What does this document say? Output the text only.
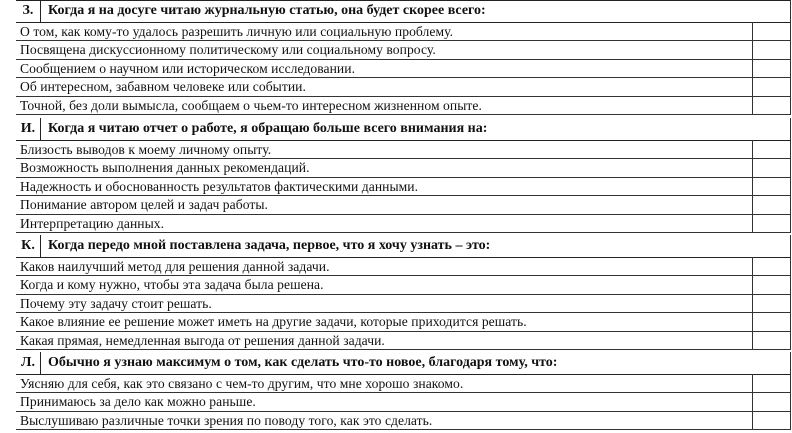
З.	Когда я на досуге читаю журнальную статью, она будет скорее всего:
О том, как кому-то удалось разрешить личную или социальную проблему.
Посвящена дискуссионному политическому или социальному вопросу.
Сообщением о научном или историческом исследовании.
Об интересном, забавном человеке или событии.
Точной, без доли вымысла, сообщаем о чьем-то интересном жизненном опыте.
И. Когда я читаю отчет о работе, я обращаю больше всего внимания на:
Близость выводов к моему личному опыту.
Возможность выполнения данных рекомендаций.
Надежность и обоснованность результатов фактическими данными.
Понимание автором целей и задач работы.
Интерпретацию данных.
К. Когда передо мной поставлена задача, первое, что я хочу узнать – это:
Каков наилучший метод для решения данной задачи.
Когда и кому нужно, чтобы эта задача была решена.
Почему эту задачу стоит решать.
Какое влияние ее решение может иметь на другие задачи, которые приходится решать.
Какая прямая, немедленная выгода от решения данной задачи.
Л. Обычно я узнаю максимум о том, как сделать что-то новое, благодаря тому, что:
Уясняю для себя, как это связано с чем-то другим, что мне хорошо знакомо.
Принимаюсь за дело как можно раньше.
Выслушиваю различные точки зрения по поводу того, как это сделать.
